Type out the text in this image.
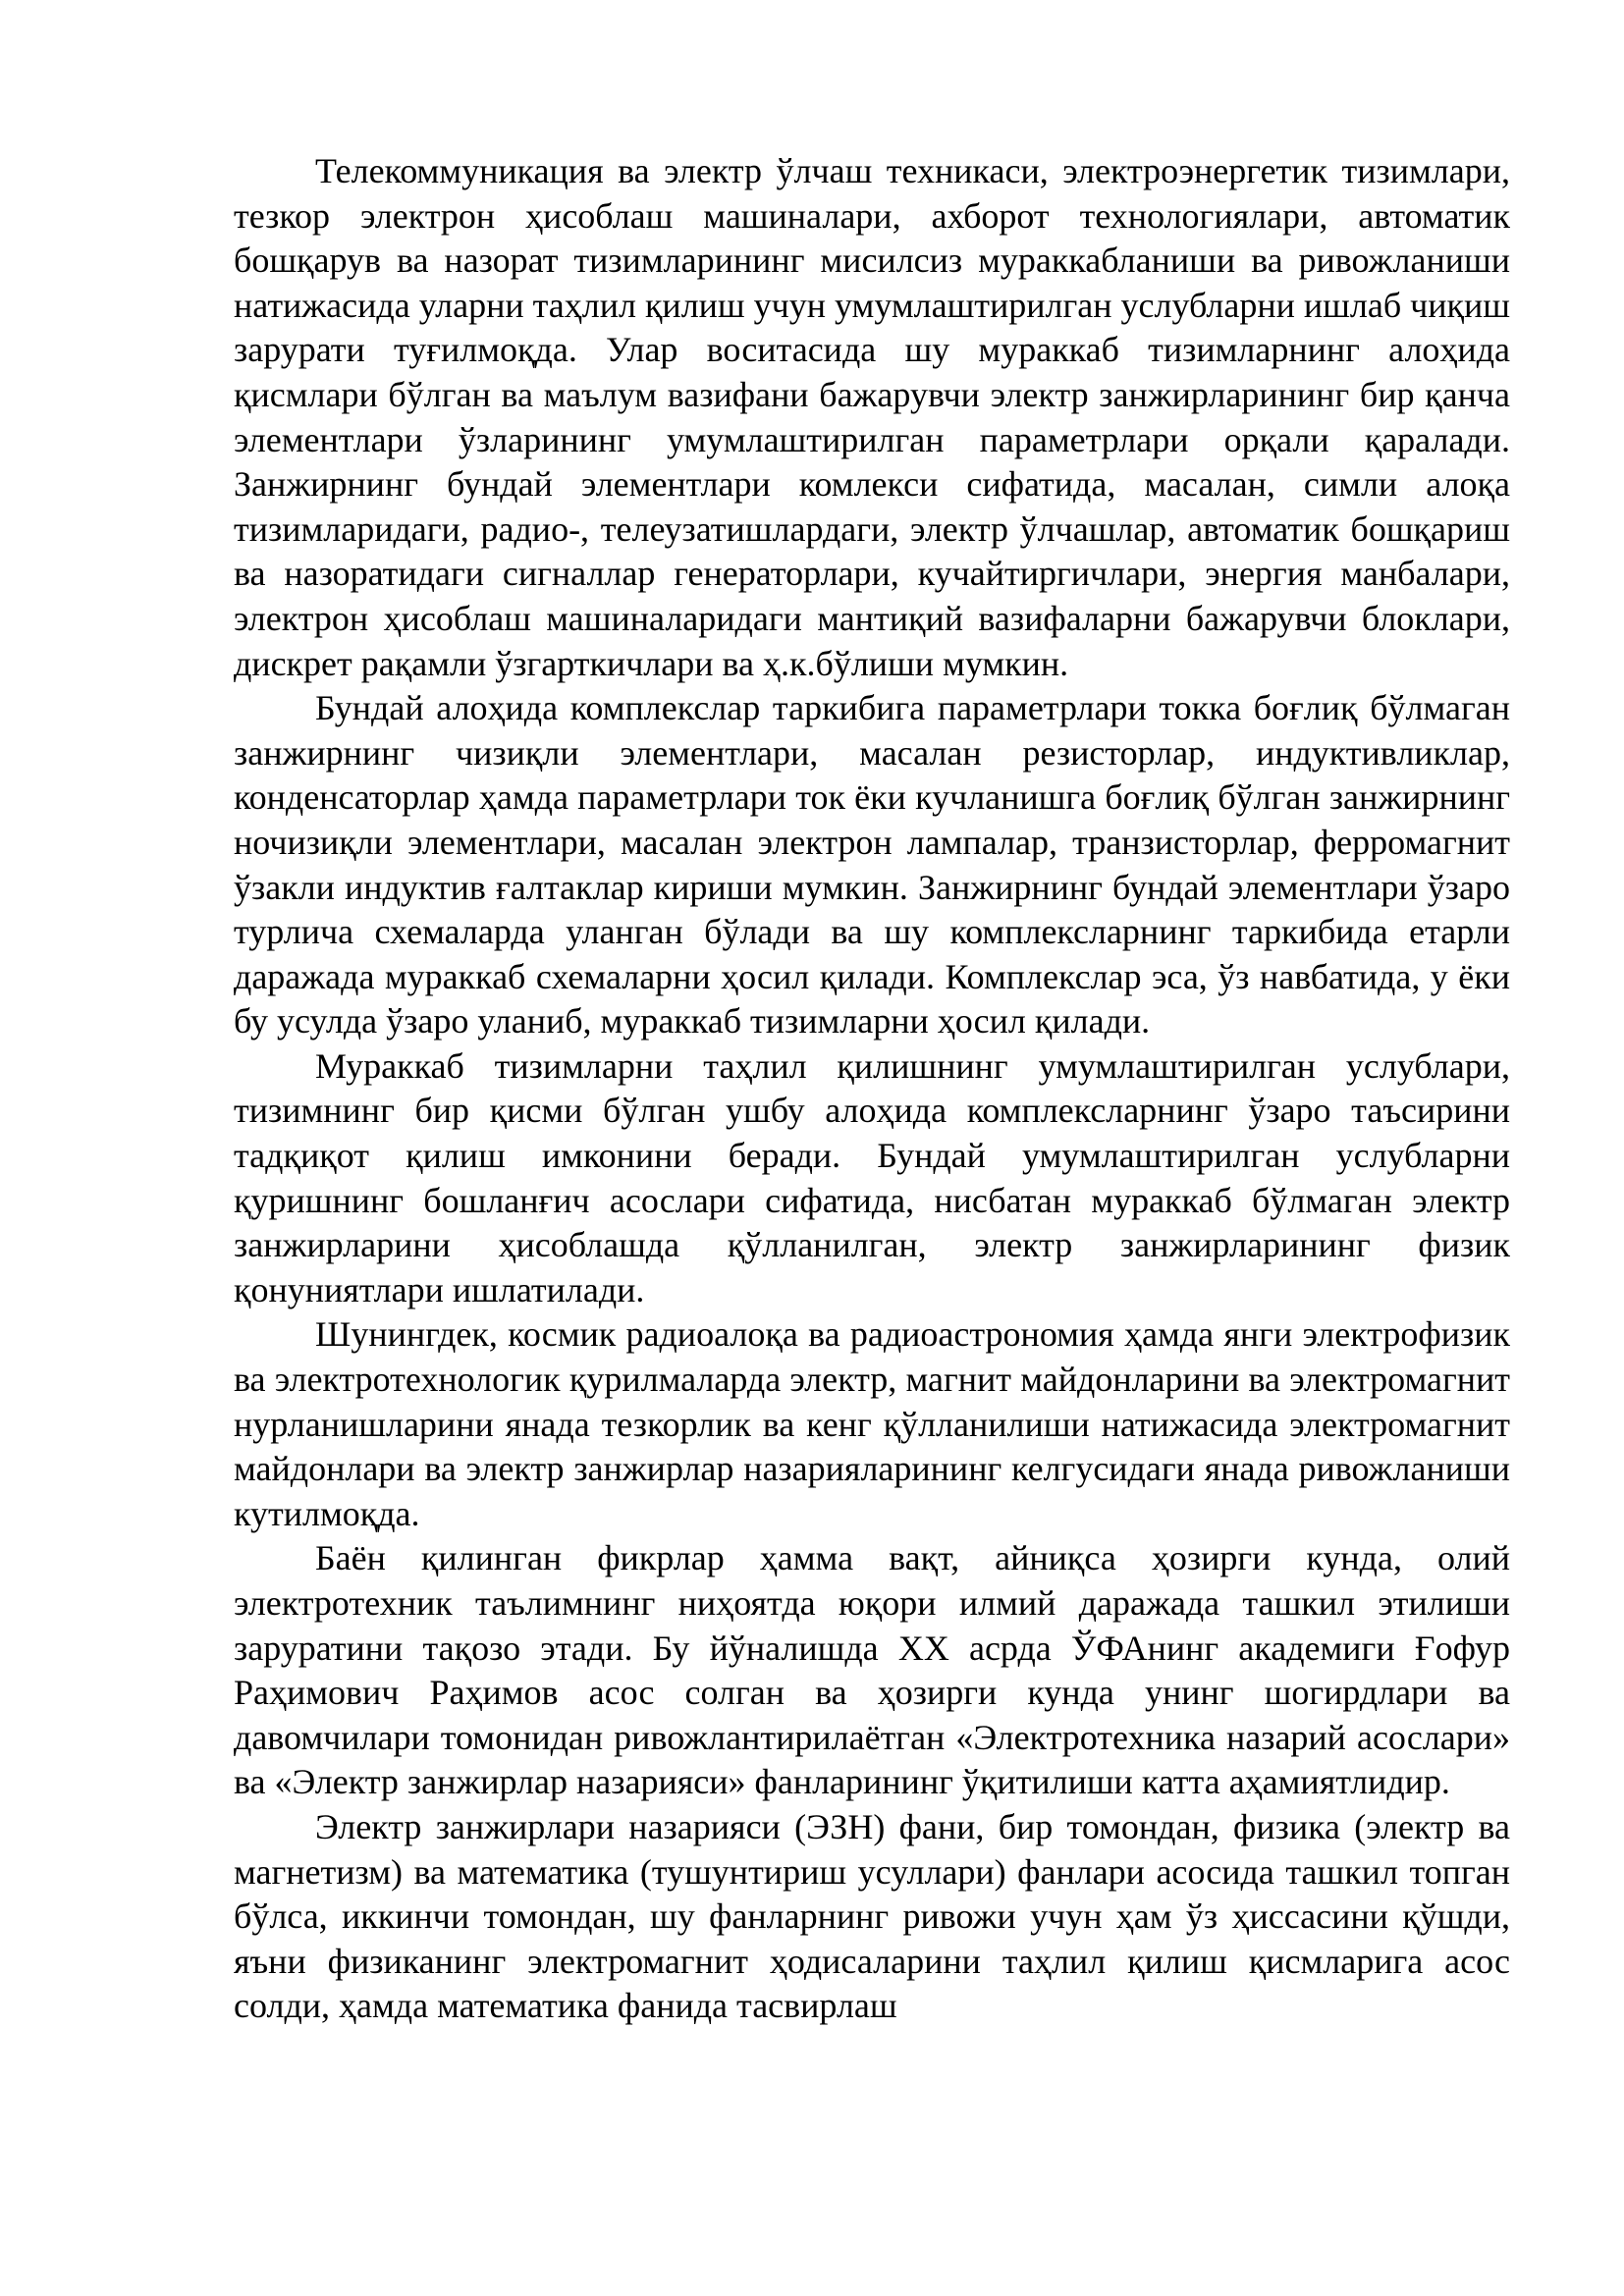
Телекоммуникация ва электр ўлчаш техникаси, электроэнергетик тизимлари, тезкор электрон ҳисоблаш машиналари, ахборот технологиялари, автоматик бошқарув ва назорат тизимларининг мисилсиз мураккабланиши ва ривожланиши натижасида уларни таҳлил қилиш учун умумлаштирилган услубларни ишлаб чиқиш зарурати туғилмоқда. Улар воситасида шу мураккаб тизимларнинг алоҳида қисмлари бўлган ва маълум вазифани бажарувчи электр занжирларининг бир қанча элементлари ўзларининг умумлаштирилган параметрлари орқали қаралади. Занжирнинг бундай элементлари комлекси сифатида, масалан, симли алоқа тизимларидаги, радио-, телеузатишлардаги, электр ўлчашлар, автоматик бошқариш ва назоратидаги сигналлар генераторлари, кучайтиргичлари, энергия манбалари, электрон ҳисоблаш машиналаридаги мантиқий вазифаларни бажарувчи блоклари, дискрет рақамли ўзгарткичлари ва ҳ.к.бўлиши мумкин.

Бундай алоҳида комплекслар таркибига параметрлари токка боғлиқ бўлмаган занжирнинг чизиқли элементлари, масалан резисторлар, индуктивликлар, конденсаторлар ҳамда параметрлари ток ёки кучланишга боғлиқ бўлган занжирнинг ночизиқли элементлари, масалан электрон лампалар, транзисторлар, ферромагнит ўзакли индуктив ғалтаклар кириши мумкин. Занжирнинг бундай элементлари ўзаро турлича схемаларда уланган бўлади ва шу комплексларнинг таркибида етарли даражада мураккаб схемаларни ҳосил қилади. Комплекслар эса, ўз навбатида, у ёки бу усулда ўзаро уланиб, мураккаб тизимларни ҳосил қилади.

Мураккаб тизимларни таҳлил қилишнинг умумлаштирилган услублари, тизимнинг бир қисми бўлган ушбу алоҳида комплексларнинг ўзаро таъсирини тадқиқот қилиш имконини беради. Бундай умумлаштирилган услубларни қуришнинг бошланғич асослари сифатида, нисбатан мураккаб бўлмаган электр занжирларини ҳисоблашда қўлланилган, электр занжирларининг физик қонуниятлари ишлатилади.

Шунингдек, космик радиоалоқа ва радиоастрономия ҳамда янги электрофизик ва электротехнологик қурилмаларда электр, магнит майдонларини ва электромагнит нурланишларини янада тезкорлик ва кенг қўлланилиши натижасида электромагнит майдонлари ва электр занжирлар назарияларининг келгусидаги янада ривожланиши кутилмоқда.

Баён қилинган фикрлар ҳамма вақт, айниқса ҳозирги кунда, олий электротехник таълимнинг ниҳоятда юқори илмий даражада ташкил этилиши заруратини тақозо этади. Бу йўналишда ХХ асрда ЎФАнинг академиги Ғофур Раҳимович Раҳимов асос солган ва ҳозирги кунда унинг шогирдлари ва давомчилари томонидан ривожлантирилаётган «Электротехника назарий асослари» ва «Электр занжирлар назарияси» фанларининг ўқитилиши катта аҳамиятлидир.

Электр занжирлари назарияси (ЭЗН) фани, бир томондан, физика (электр ва магнетизм) ва математика (тушунтириш усуллари) фанлари асосида ташкил топган бўлса, иккинчи томондан, шу фанларнинг ривожи учун ҳам ўз ҳиссасини қўшди, яъни физиканинг электромагнит ҳодисаларини таҳлил қилиш қисмларига асос солди, ҳамда математика фанида тасвирлаш
